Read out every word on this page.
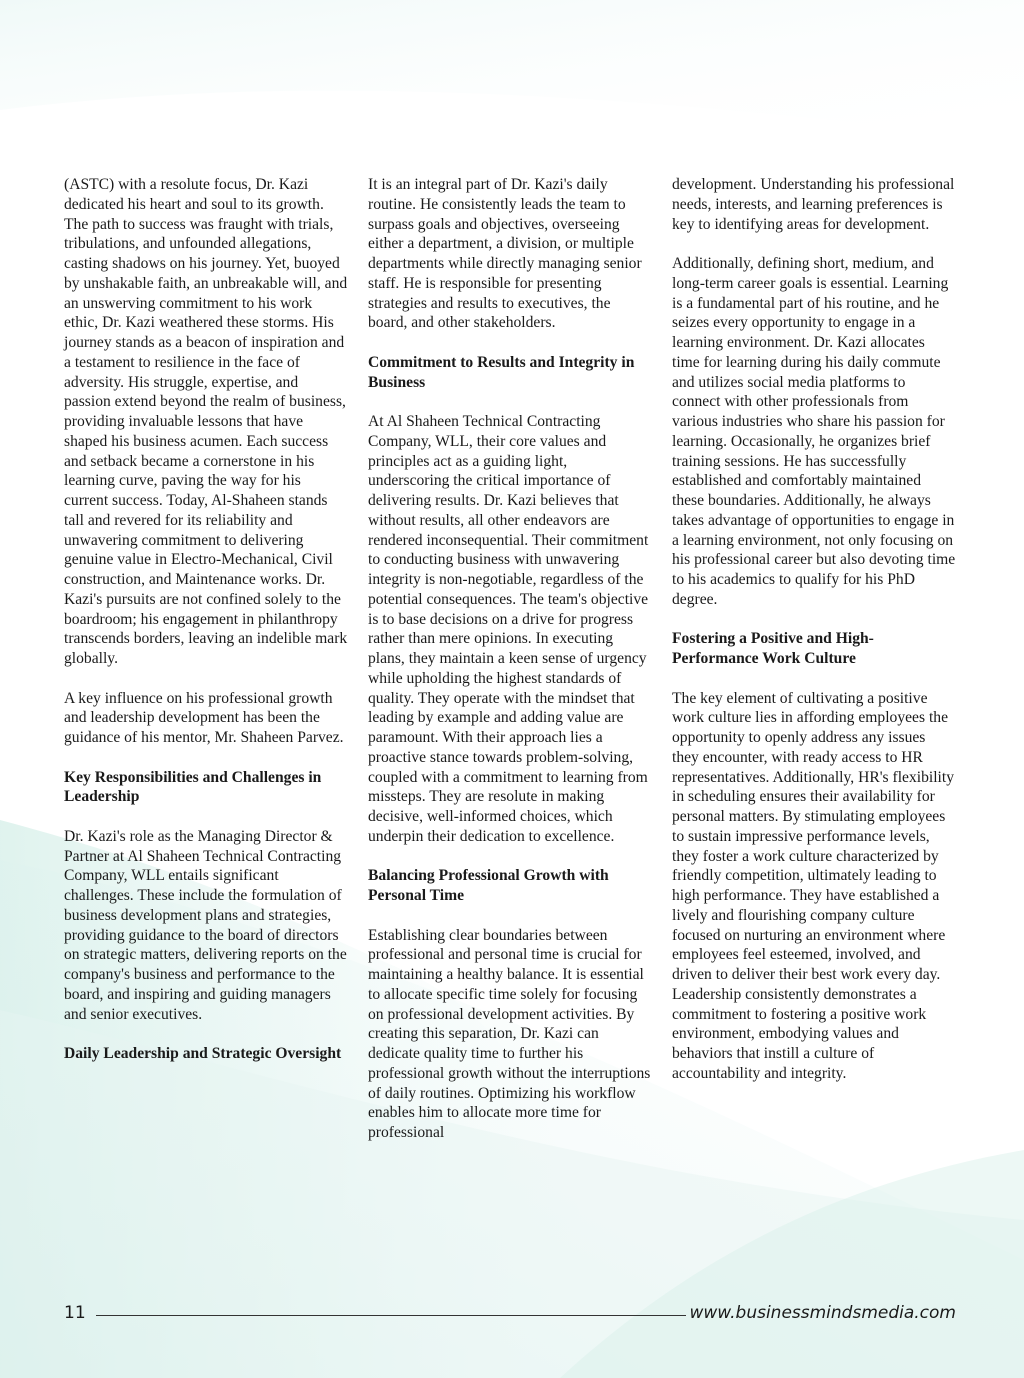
(ASTC) with a resolute focus, Dr. Kazi dedicated his heart and soul to its growth. The path to success was fraught with trials, tribulations, and unfounded allegations, casting shadows on his journey. Yet, buoyed by unshakable faith, an unbreakable will, and an unswerving commitment to his work ethic, Dr. Kazi weathered these storms. His journey stands as a beacon of inspiration and a testament to resilience in the face of adversity. His struggle, expertise, and passion extend beyond the realm of business, providing invaluable lessons that have shaped his business acumen. Each success and setback became a cornerstone in his learning curve, paving the way for his current success. Today, Al-Shaheen stands tall and revered for its reliability and unwavering commitment to delivering genuine value in Electro-Mechanical, Civil construction, and Maintenance works. Dr. Kazi's pursuits are not confined solely to the boardroom; his engagement in philanthropy transcends borders, leaving an indelible mark globally.

A key influence on his professional growth and leadership development has been the guidance of his mentor, Mr. Shaheen Parvez.

Key Responsibilities and Challenges in Leadership

Dr. Kazi's role as the Managing Director & Partner at Al Shaheen Technical Contracting Company, WLL entails significant challenges. These include the formulation of business development plans and strategies, providing guidance to the board of directors on strategic matters, delivering reports on the company's business and performance to the board, and inspiring and guiding managers and senior executives.

Daily Leadership and Strategic Oversight

It is an integral part of Dr. Kazi's daily routine. He consistently leads the team to surpass goals and objectives, overseeing either a department, a division, or multiple departments while directly managing senior staff. He is responsible for presenting strategies and results to executives, the board, and other stakeholders.

Commitment to Results and Integrity in Business

At Al Shaheen Technical Contracting Company, WLL, their core values and principles act as a guiding light, underscoring the critical importance of delivering results. Dr. Kazi believes that without results, all other endeavors are rendered inconsequential. Their commitment to conducting business with unwavering integrity is non-negotiable, regardless of the potential consequences. The team's objective is to base decisions on a drive for progress rather than mere opinions. In executing plans, they maintain a keen sense of urgency while upholding the highest standards of quality. They operate with the mindset that leading by example and adding value are paramount. With their approach lies a proactive stance towards problem-solving, coupled with a commitment to learning from missteps. They are resolute in making decisive, well-informed choices, which underpin their dedication to excellence.

Balancing Professional Growth with Personal Time

Establishing clear boundaries between professional and personal time is crucial for maintaining a healthy balance. It is essential to allocate specific time solely for focusing on professional development activities. By creating this separation, Dr. Kazi can dedicate quality time to further his professional growth without the interruptions of daily routines. Optimizing his workflow enables him to allocate more time for professional

development. Understanding his professional needs, interests, and learning preferences is key to identifying areas for development.

Additionally, defining short, medium, and long-term career goals is essential. Learning is a fundamental part of his routine, and he seizes every opportunity to engage in a learning environment. Dr. Kazi allocates time for learning during his daily commute and utilizes social media platforms to connect with other professionals from various industries who share his passion for learning. Occasionally, he organizes brief training sessions. He has successfully established and comfortably maintained these boundaries. Additionally, he always takes advantage of opportunities to engage in a learning environment, not only focusing on his professional career but also devoting time to his academics to qualify for his PhD degree.

Fostering a Positive and High-Performance Work Culture

The key element of cultivating a positive work culture lies in affording employees the opportunity to openly address any issues they encounter, with ready access to HR representatives. Additionally, HR's flexibility in scheduling ensures their availability for personal matters. By stimulating employees to sustain impressive performance levels, they foster a work culture characterized by friendly competition, ultimately leading to high performance. They have established a lively and flourishing company culture focused on nurturing an environment where employees feel esteemed, involved, and driven to deliver their best work every day. Leadership consistently demonstrates a commitment to fostering a positive work environment, embodying values and behaviors that instill a culture of accountability and integrity.

11	www.businessmindsmedia.com
